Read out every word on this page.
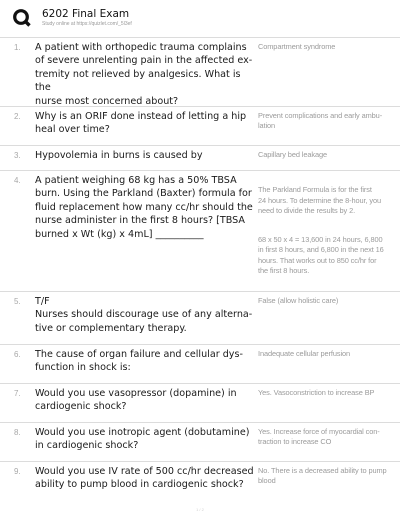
6202 Final Exam
Study online at https://quizlet.com/_5l3ef
1. A patient with orthopedic trauma complains
of severe unrelenting pain in the affected ex-
tremity not relieved by analgesics. What is the
nurse most concerned about?
Compartment syndrome
2. Why is an ORIF done instead of letting a hip
heal over time?
Prevent complications and early ambu-
lation
3. Hypovolemia in burns is caused by	Capillary bed leakage
4. A patient weighing 68 kg has a 50% TBSA
burn. Using the Parkland (Baxter) formula for
fluid replacement how many cc/hr should the
nurse administer in the first 8 hours? [TBSA
burned x Wt (kg) x 4mL] __________

The Parkland Formula is for the first
24 hours. To determine the 8-hour, you
need to divide the results by 2.

68 x 50 x 4 = 13,600 in 24 hours, 6,800
in first 8 hours, and 6,800 in the next 16
hours. That works out to 850 cc/hr for
the first 8 hours.

5. T/F
Nurses should discourage use of any alterna-
tive or complementary therapy.
False (allow holistic care)
6. The cause of organ failure and cellular dys-
function in shock is:
Inadequate cellular perfusion
7. Would you use vasopressor (dopamine) in
cardiogenic shock?
Yes. Vasoconstriction to increase BP
8. Would you use inotropic agent (dobutamine)
in cardiogenic shock?
Yes. Increase force of myocardial con-
traction to increase CO
9. Would you use IV rate of 500 cc/hr decreased
ability to pump blood in cardiogenic shock?
No. There is a decreased ability to pump
blood
1 / 2
